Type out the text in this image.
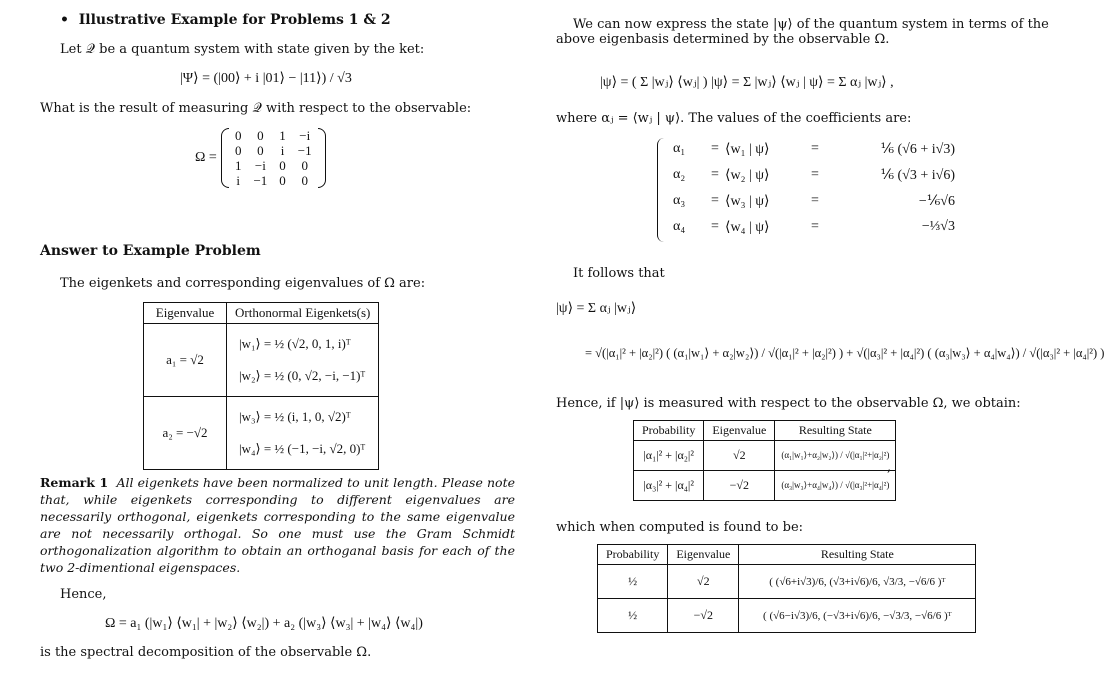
• Illustrative Example for Problems 1 & 2
Let 𝒬 be a quantum system with state given by the ket:
|Ψ⟩ = (|00⟩ + i |01⟩ − |11⟩) / √3
What is the result of measuring 𝒬 with respect to the observable:
Ω =
0	0	1	−i
0	0	i	−1
1	−i	0	0
i	−1	0	0
Answer to Example Problem
The eigenkets and corresponding eigenvalues of Ω are:
Eigenvalue	Orthonormal Eigenkets(s)
a₁ = √2	|w₁⟩ = ½ (√2, 0, 1, i)ᵀ
|w₂⟩ = ½ (0, √2, −i, −1)ᵀ

a₂ = −√2	|w₃⟩ = ½ (i, 1, 0, √2)ᵀ
|w₄⟩ = ½ (−1, −i, √2, 0)ᵀ
Remark 1 All eigenkets have been normalized to unit length. Please note that, while eigenkets corresponding to different eigenvalues are necessarily orthogonal, eigenkets corresponding to the same eigenvalue are not necessarily orthogal. So one must use the Gram Schmidt orthogonalization algorithm to obtain an orthoganal basis for each of the two 2-dimentional eigenspaces.
Hence,
Ω = a₁ (|w₁⟩ ⟨w₁| + |w₂⟩ ⟨w₂|) + a₂ (|w₃⟩ ⟨w₃| + |w₄⟩ ⟨w₄|)
is the spectral decomposition of the observable Ω.
We can now express the state |ψ⟩ of the quantum system in terms of the
above eigenbasis determined by the observable Ω.
|ψ⟩ = ( Σ |wⱼ⟩ ⟨wⱼ| ) |ψ⟩ = Σ |wⱼ⟩ ⟨wⱼ | ψ⟩ = Σ αⱼ |wⱼ⟩ ,
where αⱼ = ⟨wⱼ | ψ⟩. The values of the coefficients are:
α₁	= ⟨w₁ | ψ⟩	=	⅙ (√6 + i√3)
α₂	= ⟨w₂ | ψ⟩	=	⅙ (√3 + i√6)
α₃	= ⟨w₃ | ψ⟩	=	−⅙√6
α₄	= ⟨w₄ | ψ⟩	=	−⅓√3
It follows that
|ψ⟩ = Σ αⱼ |wⱼ⟩
= √(|α₁|² + |α₂|²) ( (α₁|w₁⟩ + α₂|w₂⟩) / √(|α₁|² + |α₂|²) ) + √(|α₃|² + |α₄|²) ( (α₃|w₃⟩ + α₄|w₄⟩) / √(|α₃|² + |α₄|²) )
Hence, if |ψ⟩ is measured with respect to the observable Ω, we obtain:
Probability	Eigenvalue	Resulting State
|α₁|² + |α₂|²	√2	(α₁|w₁⟩+α₂|w₂⟩) / √(|α₁|²+|α₂|²)
|α₃|² + |α₄|²	−√2	(α₃|w₃⟩+α₄|w₄⟩) / √(|α₃|²+|α₄|²)
,
which when computed is found to be:
Probability	Eigenvalue	Resulting State
½	√2	( (√6+i√3)/6, (√3+i√6)/6, √3/3, −√6/6 )ᵀ
½	−√2	( (√6−i√3)/6, (−√3+i√6)/6, −√3/3, −√6/6 )ᵀ
